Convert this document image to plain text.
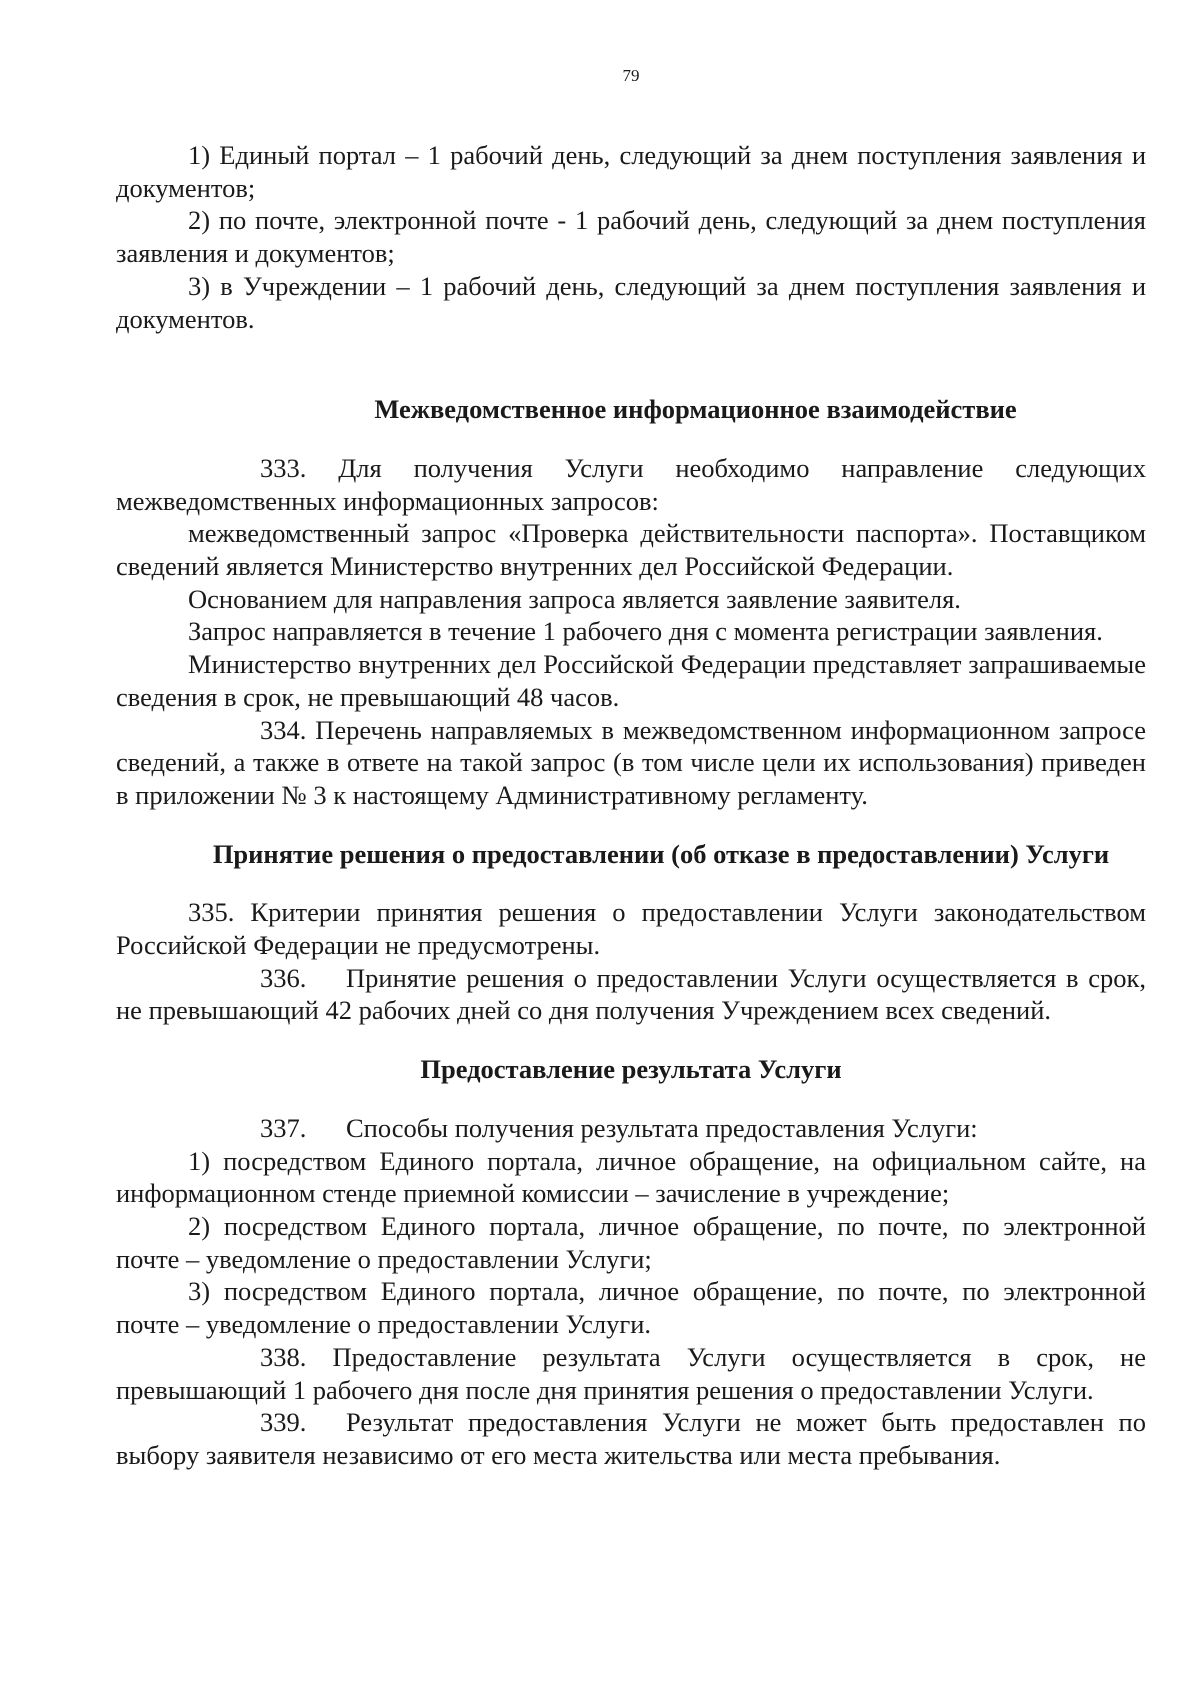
79

1) Единый портал – 1 рабочий день, следующий за днем поступления заявления и документов;

2) по почте, электронной почте - 1 рабочий день, следующий за днем поступления заявления и документов;

3) в Учреждении – 1 рабочий день, следующий за днем поступления заявления и документов.

Межведомственное информационное взаимодействие

333. Для получения Услуги необходимо направление следующих межведомственных информационных запросов:

межведомственный запрос «Проверка действительности паспорта». Поставщиком сведений является Министерство внутренних дел Российской Федерации.

Основанием для направления запроса является заявление заявителя.

Запрос направляется в течение 1 рабочего дня с момента регистрации заявления.

Министерство внутренних дел Российской Федерации представляет запрашиваемые сведения в срок, не превышающий 48 часов.

334. Перечень направляемых в межведомственном информационном запросе сведений, а также в ответе на такой запрос (в том числе цели их использования) приведен в приложении № 3 к настоящему Административному регламенту.

Принятие решения о предоставлении (об отказе в предоставлении) Услуги

335. Критерии принятия решения о предоставлении Услуги законодательством Российской Федерации не предусмотрены.

336. Принятие решения о предоставлении Услуги осуществляется в срок, не превышающий 42 рабочих дней со дня получения Учреждением всех сведений.

Предоставление результата Услуги

337. Способы получения результата предоставления Услуги:

1) посредством Единого портала, личное обращение, на официальном сайте, на информационном стенде приемной комиссии – зачисление в учреждение;

2) посредством Единого портала, личное обращение, по почте, по электронной почте – уведомление о предоставлении Услуги;

3) посредством Единого портала, личное обращение, по почте, по электронной почте – уведомление о предоставлении Услуги.

338. Предоставление результата Услуги осуществляется в срок, не превышающий 1 рабочего дня после дня принятия решения о предоставлении Услуги.

339. Результат предоставления Услуги не может быть предоставлен по выбору заявителя независимо от его места жительства или места пребывания.
